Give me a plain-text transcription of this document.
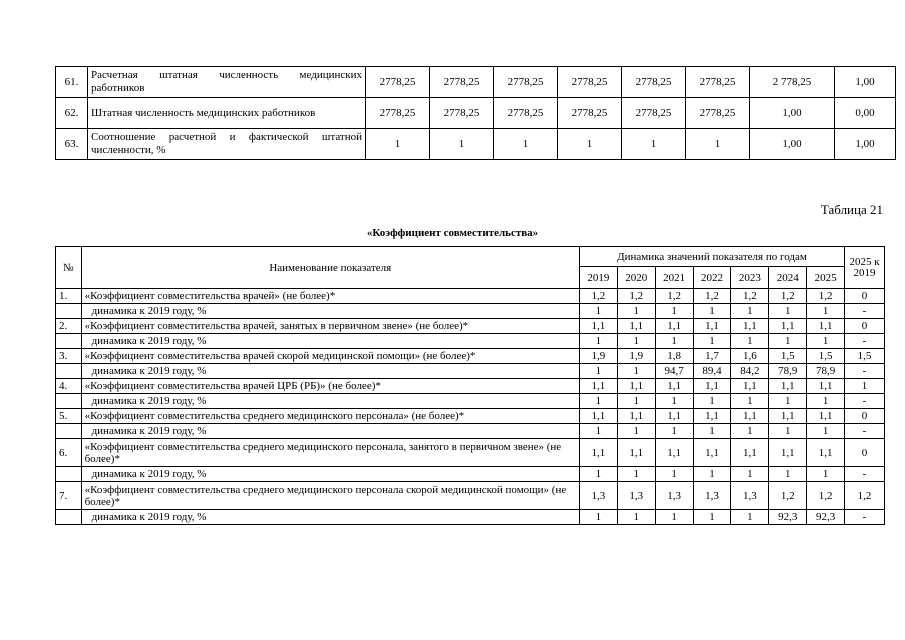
61.	Расчетная штатная численность медицинских работников	2778,25	2778,25	2778,25	2778,25	2778,25	2778,25	2 778,25	1,00
62.	Штатная численность медицинских работников	2778,25	2778,25	2778,25	2778,25	2778,25	2778,25	1,00	0,00
63.	Соотношение расчетной и фактической штатной численности, %	1	1	1	1	1	1	1,00	1,00
Таблица 21
«Коэффициент совместительства»
№	Наименование показателя	Динамика значений показателя по годам							2025 к 2019
		2019	2020	2021	2022	2023	2024	2025	
1.	«Коэффициент совместительства врачей» (не более)*	1,2	1,2	1,2	1,2	1,2	1,2	1,2	0
	динамика к 2019 году, %	1	1	1	1	1	1	1	-
2.	«Коэффициент совместительства врачей, занятых в первичном звене» (не более)*	1,1	1,1	1,1	1,1	1,1	1,1	1,1	0
	динамика к 2019 году, %	1	1	1	1	1	1	1	-
3.	«Коэффициент совместительства врачей скорой медицинской помощи» (не более)*	1,9	1,9	1,8	1,7	1,6	1,5	1,5	1,5
	динамика к 2019 году, %	1	1	94,7	89,4	84,2	78,9	78,9	-
4.	«Коэффициент совместительства врачей ЦРБ (РБ)» (не более)*	1,1	1,1	1,1	1,1	1,1	1,1	1,1	1
	динамика к 2019 году, %	1	1	1	1	1	1	1	-
5.	«Коэффициент совместительства среднего медицинского персонала» (не более)*	1,1	1,1	1,1	1,1	1,1	1,1	1,1	0
	динамика к 2019 году, %	1	1	1	1	1	1	1	-
6.	«Коэффициент совместительства среднего медицинского персонала, занятого в первичном звене» (не более)*	1,1	1,1	1,1	1,1	1,1	1,1	1,1	0
	динамика к 2019 году, %	1	1	1	1	1	1	1	-
7.	«Коэффициент совместительства среднего медицинского персонала скорой медицинской помощи» (не более)*	1,3	1,3	1,3	1,3	1,3	1,2	1,2	1,2
	динамика к 2019 году, %	1	1	1	1	1	92,3	92,3	-
